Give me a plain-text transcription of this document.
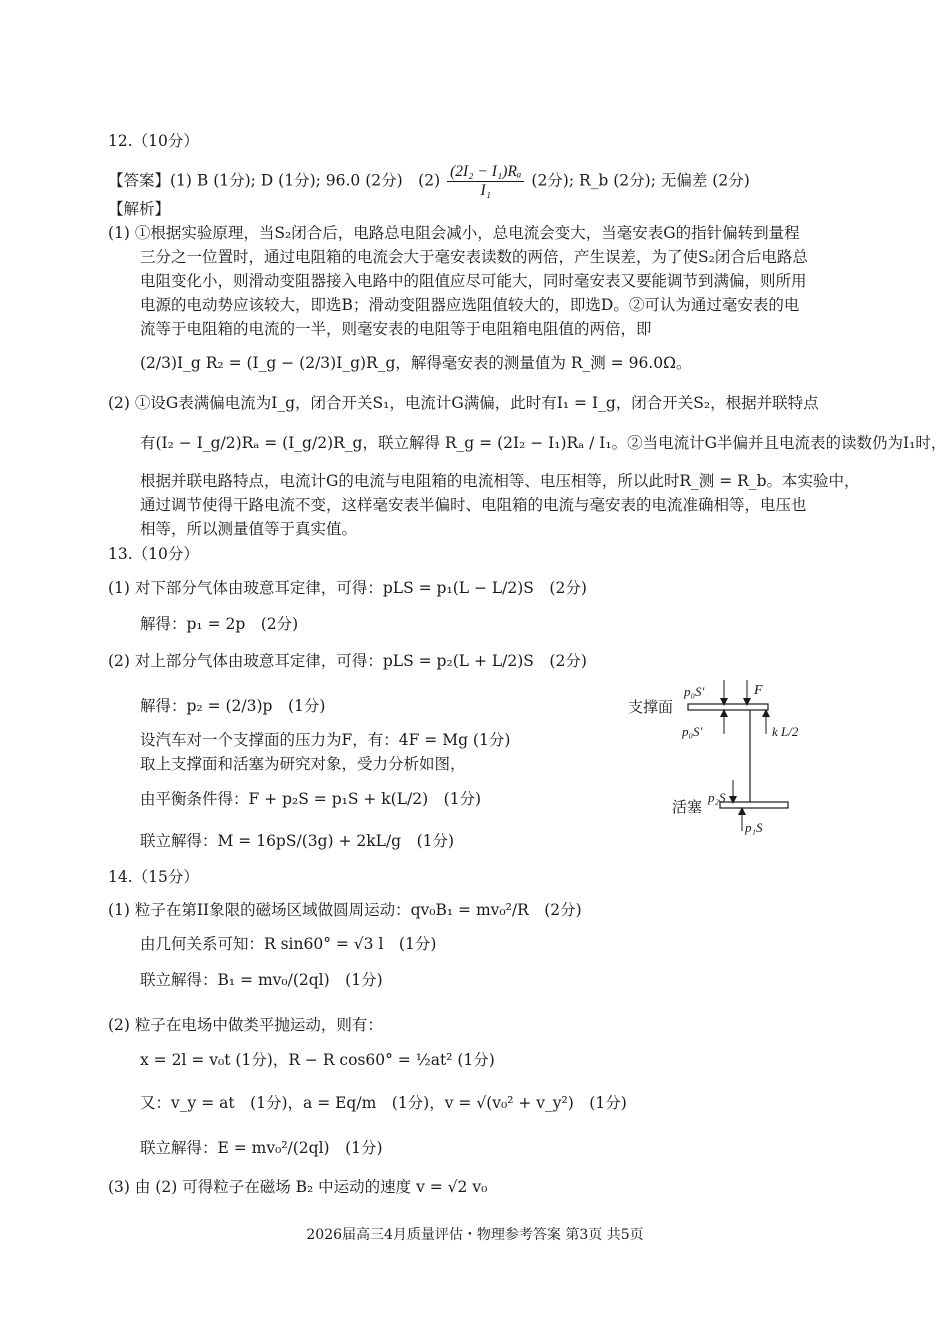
12.（10分）
【答案】(1) B (1分); D (1分); 96.0 (2分)　$(2) \frac{\text{(2I₂ − I₁)Rₐ}}{\text{I₁}} (2$分); R_b (2分); 无偏差 (2分)
【解析】
(1) ①根据实验原理，当S₂闭合后，电路总电阻会减小，总电流会变大，当毫安表G的指针偏转到量程
三分之一位置时，通过电阻箱的电流会大于毫安表读数的两倍，产生误差，为了使S₂闭合后电路总
电阻变化小，则滑动变阻器接入电路中的阻值应尽可能大，同时毫安表又要能调节到满偏，则所用
电源的电动势应该较大，即选B；滑动变阻器应选阻值较大的，即选D。②可认为通过毫安表的电
流等于电阻箱的电流的一半，则毫安表的电阻等于电阻箱电阻值的两倍，即
(2/3)I_g R₂ = (I_g − (2/3)I_g)R_g，解得毫安表的测量值为 R_测 = 96.0Ω。
(2) ①设G表满偏电流为I_g，闭合开关S₁，电流计G满偏，此时有I₁ = I_g，闭合开关S₂，根据并联特点
有(I₂ − I_g/2)Rₐ = (I_g/2)R_g，联立解得 R_g = (2I₂ − I₁)Rₐ / I₁。②当电流计G半偏并且电流表的读数仍为I₁时，
根据并联电路特点，电流计G的电流与电阻箱的电流相等、电压相等，所以此时R_测 = R_b。本实验中，
通过调节使得干路电流不变，这样毫安表半偏时、电阻箱的电流与毫安表的电流准确相等，电压也
相等，所以测量值等于真实值。
13.（10分）
(1) 对下部分气体由玻意耳定律，可得：pLS = p₁(L − L/2)S　(2分)
解得：p₁ = 2p　(2分)
(2) 对上部分气体由玻意耳定律，可得：pLS = p₂(L + L/2)S　(2分)
解得：p₂ = (2/3)p　(1分)
设汽车对一个支撑面的压力为F，有：4F = Mg (1分)
取上支撑面和活塞为研究对象，受力分析如图，
由平衡条件得：F + p₂S = p₁S + k(L/2)　(1分)
联立解得：M = 16pS/(3g) + 2kL/g　(1分)
支撑面
活塞
p₀S'	F
p₀S'	k L/2
p₂S
p₁S
14.（15分）
(1) 粒子在第II象限的磁场区域做圆周运动：qv₀B₁ = mv₀²/R　(2分)
由几何关系可知：R sin60° = √3 l　(1分)
联立解得：B₁ = mv₀/(2ql)　(1分)
(2) 粒子在电场中做类平抛运动，则有：
x = 2l = v₀t (1分)，R − R cos60° = ½at² (1分)
又：v_y = at　(1分)，a = Eq/m　(1分)，v = √(v₀² + v_y²)　(1分)
联立解得：E = mv₀²/(2ql)　(1分)
(3) 由 (2) 可得粒子在磁场 B₂ 中运动的速度 v = √2 v₀
2026届高三4月质量评估・物理参考答案 第3页 共5页
